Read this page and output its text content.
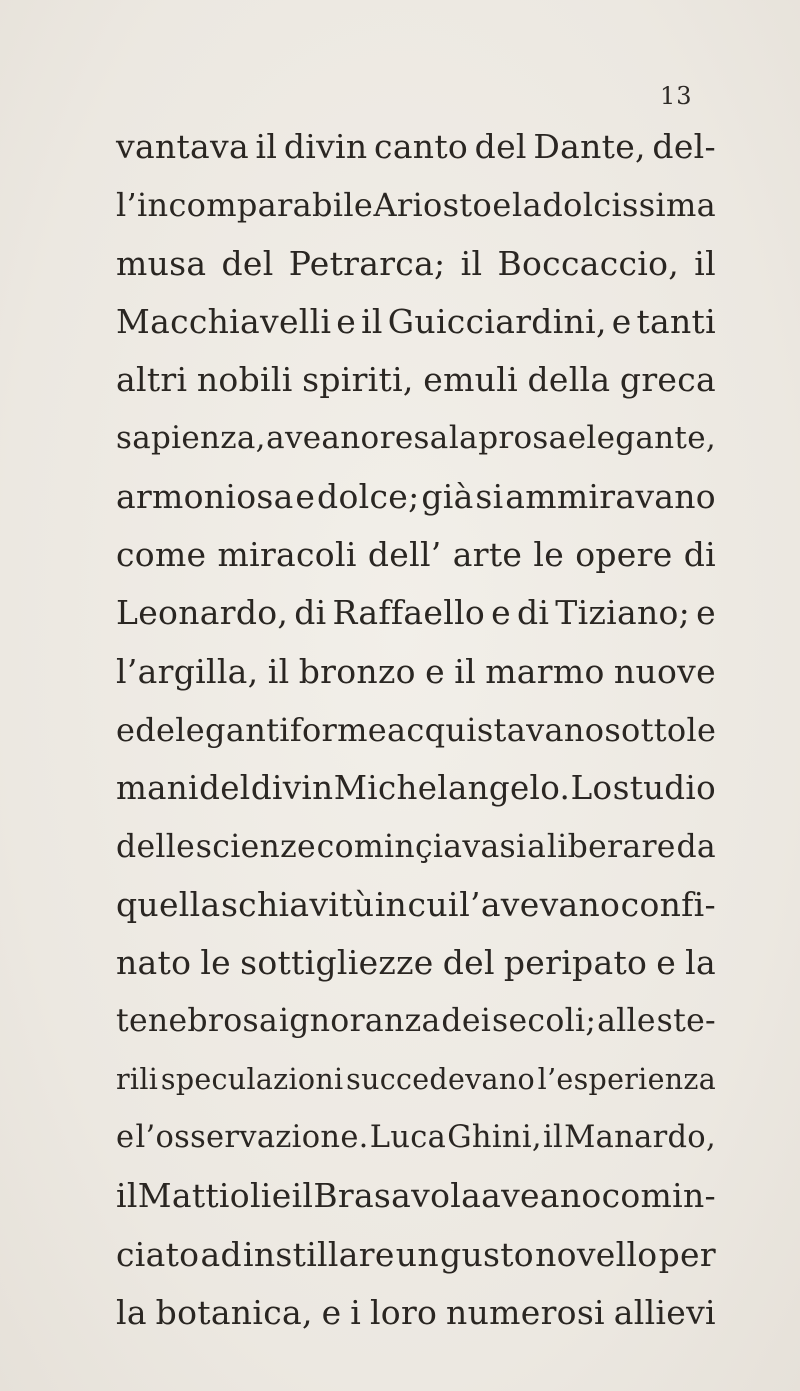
13
vantava il divin canto del Dante, del-
l’incomparabile Ariosto e la dolcissima
musa del Petrarca; il Boccaccio, il
Macchiavelli e il Guicciardini, e tanti
altri nobili spiriti, emuli della greca
sapienza, aveano resa la prosa elegante,
armoniosa e dolce; già si ammiravano
come miracoli dell’ arte le opere di
Leonardo, di Raffaello e di Tiziano; e
l’argilla, il bronzo e il marmo nuove
ed eleganti forme acquistavano sotto le
mani del divin Michelangelo. Lo studio
delle scienze cominçiavasi a liberare da
quella schiavitù in cui l’avevano confi-
nato le sottigliezze del peripato e la
tenebrosa ignoranza dei secoli; alle ste-
rili speculazioni succedevano l’esperienza
e l’osservazione. Luca Ghini, il Manardo,
il Mattioli e il Brasavola aveano comin-
ciato ad instillare un gusto novello per
la botanica, e i loro numerosi allievi
